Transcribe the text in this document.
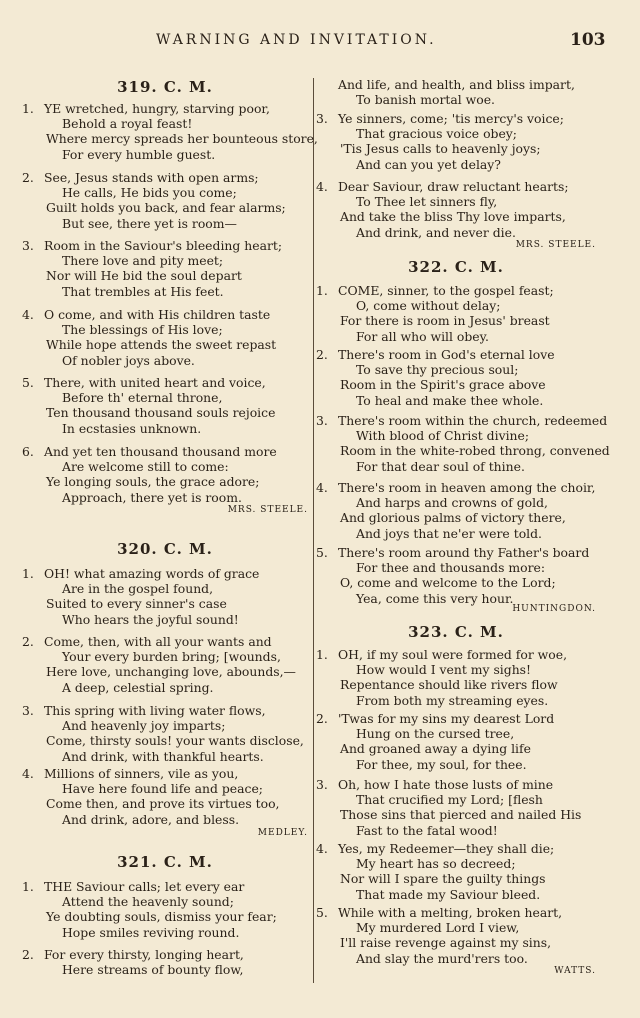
WARNING AND INVITATION.	103
319. C. M.
1. YE wretched, hungry, starving poor,
Behold a royal feast!
Where mercy spreads her bounteous store,
For every humble guest.
2. See, Jesus stands with open arms;
He calls, He bids you come;
Guilt holds you back, and fear alarms;
But see, there yet is room—
3. Room in the Saviour's bleeding heart;
There love and pity meet;
Nor will He bid the soul depart
That trembles at His feet.
4. O come, and with His children taste
The blessings of His love;
While hope attends the sweet repast
Of nobler joys above.
5. There, with united heart and voice,
Before th' eternal throne,
Ten thousand thousand souls rejoice
In ecstasies unknown.
6. And yet ten thousand thousand more
Are welcome still to come:
Ye longing souls, the grace adore;
Approach, there yet is room.
MRS. STEELE.
320. C. M.
1. OH! what amazing words of grace
Are in the gospel found,
Suited to every sinner's case
Who hears the joyful sound!
2. Come, then, with all your wants and
Your every burden bring; [wounds,
Here love, unchanging love, abounds,—
A deep, celestial spring.
3. This spring with living water flows,
And heavenly joy imparts;
Come, thirsty souls! your wants disclose,
And drink, with thankful hearts.
4. Millions of sinners, vile as you,
Have here found life and peace;
Come then, and prove its virtues too,
And drink, adore, and bless.
MEDLEY.
321. C. M.
1. THE Saviour calls; let every ear
Attend the heavenly sound;
Ye doubting souls, dismiss your fear;
Hope smiles reviving round.
2. For every thirsty, longing heart,
Here streams of bounty flow,
And life, and health, and bliss impart,
To banish mortal woe.
3. Ye sinners, come; 'tis mercy's voice;
That gracious voice obey;
'Tis Jesus calls to heavenly joys;
And can you yet delay?
4. Dear Saviour, draw reluctant hearts;
To Thee let sinners fly,
And take the bliss Thy love imparts,
And drink, and never die.
MRS. STEELE.
322. C. M.
1. COME, sinner, to the gospel feast;
O, come without delay;
For there is room in Jesus' breast
For all who will obey.
2. There's room in God's eternal love
To save thy precious soul;
Room in the Spirit's grace above
To heal and make thee whole.
3. There's room within the church, redeemed
With blood of Christ divine;
Room in the white-robed throng, convened
For that dear soul of thine.
4. There's room in heaven among the choir,
And harps and crowns of gold,
And glorious palms of victory there,
And joys that ne'er were told.
5. There's room around thy Father's board
For thee and thousands more:
O, come and welcome to the Lord;
Yea, come this very hour.
HUNTINGDON.
323. C. M.
1. OH, if my soul were formed for woe,
How would I vent my sighs!
Repentance should like rivers flow
From both my streaming eyes.
2. 'Twas for my sins my dearest Lord
Hung on the cursed tree,
And groaned away a dying life
For thee, my soul, for thee.
3. Oh, how I hate those lusts of mine
That crucified my Lord; [flesh
Those sins that pierced and nailed His
Fast to the fatal wood!
4. Yes, my Redeemer—they shall die;
My heart has so decreed;
Nor will I spare the guilty things
That made my Saviour bleed.
5. While with a melting, broken heart,
My murdered Lord I view,
I'll raise revenge against my sins,
And slay the murd'rers too.
WATTS.
